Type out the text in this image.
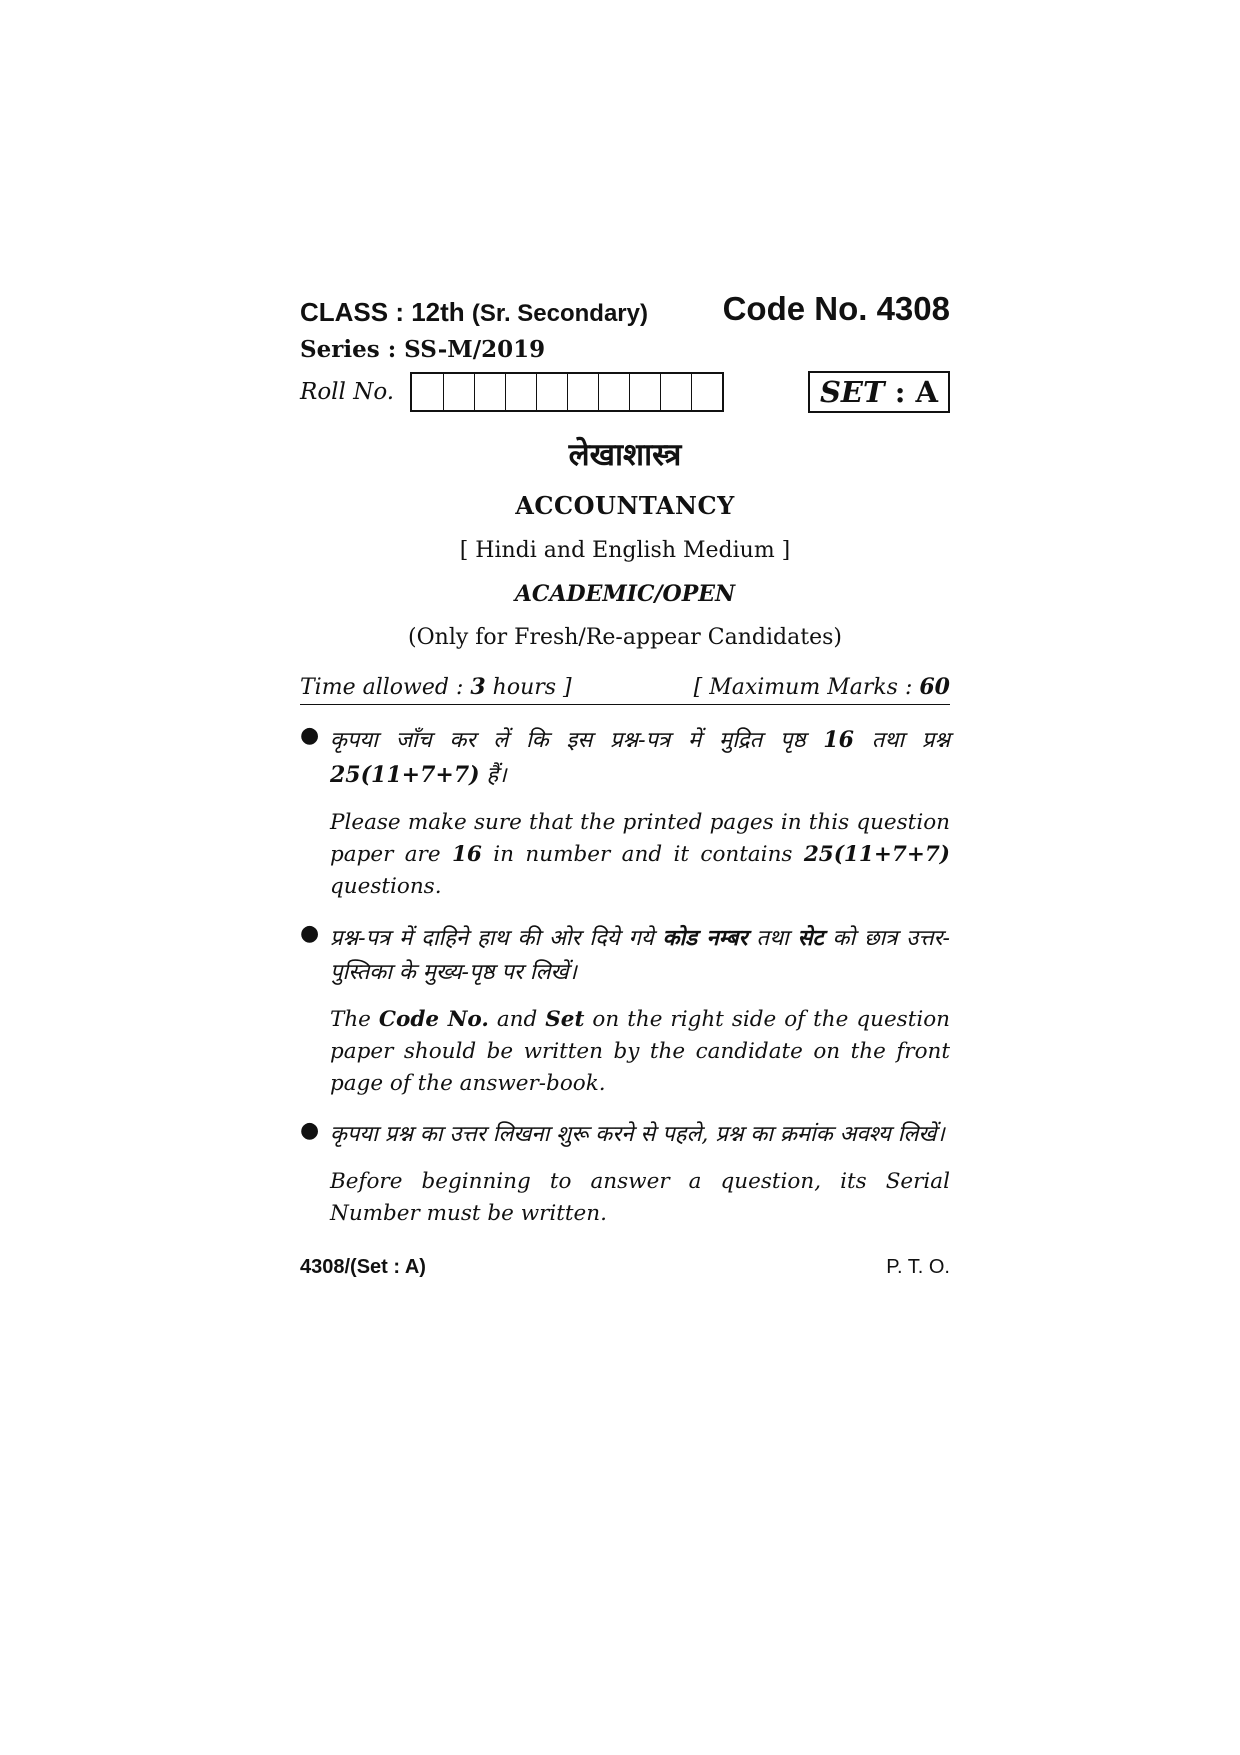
CLASS : 12th (Sr. Secondary) Code No. 4308
Series : SS-M/2019
Roll No.	SET : A
लेखाशास्त्र
ACCOUNTANCY
[ Hindi and English Medium ]
ACADEMIC/OPEN
(Only for Fresh/Re-appear Candidates)
Time allowed : 3 hours ]	[ Maximum Marks : 60
● कृपया जाँच कर लें कि इस प्रश्न-पत्र में मुद्रित पृष्ठ 16 तथा प्रश्न 25(11+7+7) हैं।
Please make sure that the printed pages in this question paper are 16 in number and it contains 25(11+7+7) questions.
● प्रश्न-पत्र में दाहिने हाथ की ओर दिये गये कोड नम्बर तथा सेट को छात्र उत्तर-पुस्तिका के मुख्य-पृष्ठ पर लिखें।
The Code No. and Set on the right side of the question paper should be written by the candidate on the front page of the answer-book.
● कृपया प्रश्न का उत्तर लिखना शुरू करने से पहले, प्रश्न का क्रमांक अवश्य लिखें।
Before beginning to answer a question, its Serial Number must be written.
4308/(Set : A)	P. T. O.
